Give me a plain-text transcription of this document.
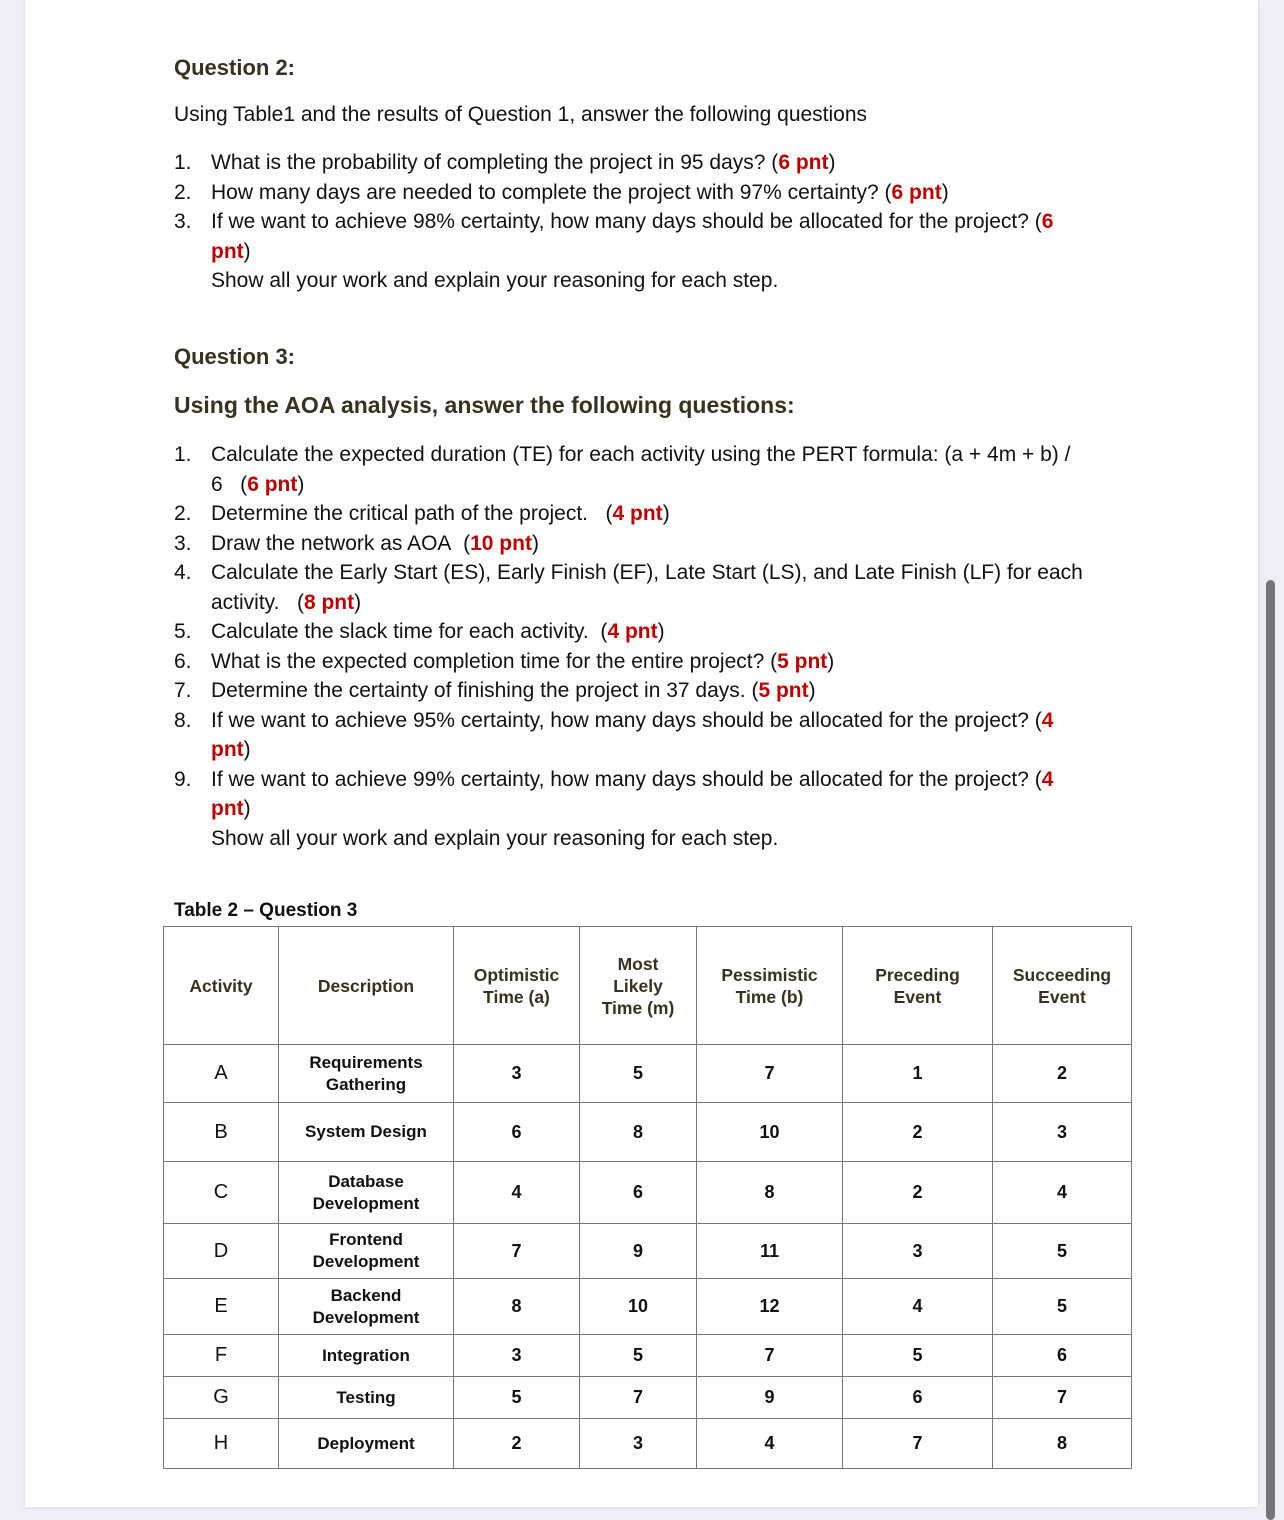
Question 2:
Using Table1 and the results of Question 1, answer the following questions
1. What is the probability of completing the project in 95 days? (6 pnt)
2. How many days are needed to complete the project with 97% certainty? (6 pnt)
3. If we want to achieve 98% certainty, how many days should be allocated for the project? (6 pnt)
Show all your work and explain your reasoning for each step.
Question 3:
Using the AOA analysis, answer the following questions:
1. Calculate the expected duration (TE) for each activity using the PERT formula: (a + 4m + b) / 6   (6 pnt)
2. Determine the critical path of the project.   (4 pnt)
3. Draw the network as AOA  (10 pnt)
4. Calculate the Early Start (ES), Early Finish (EF), Late Start (LS), and Late Finish (LF) for each activity.   (8 pnt)
5. Calculate the slack time for each activity.  (4 pnt)
6. What is the expected completion time for the entire project? (5 pnt)
7. Determine the certainty of finishing the project in 37 days. (5 pnt)
8. If we want to achieve 95% certainty, how many days should be allocated for the project? (4 pnt)
9. If we want to achieve 99% certainty, how many days should be allocated for the project? (4 pnt)
Show all your work and explain your reasoning for each step.
Table 2 – Question 3
Activity	Description	Optimistic Time (a)	Most Likely Time (m)	Pessimistic Time (b)	Preceding Event	Succeeding Event
A	Requirements Gathering	3	5	7	1	2
B	System Design	6	8	10	2	3
C	Database Development	4	6	8	2	4
D	Frontend Development	7	9	11	3	5
E	Backend Development	8	10	12	4	5
F	Integration	3	5	7	5	6
G	Testing	5	7	9	6	7
H	Deployment	2	3	4	7	8
